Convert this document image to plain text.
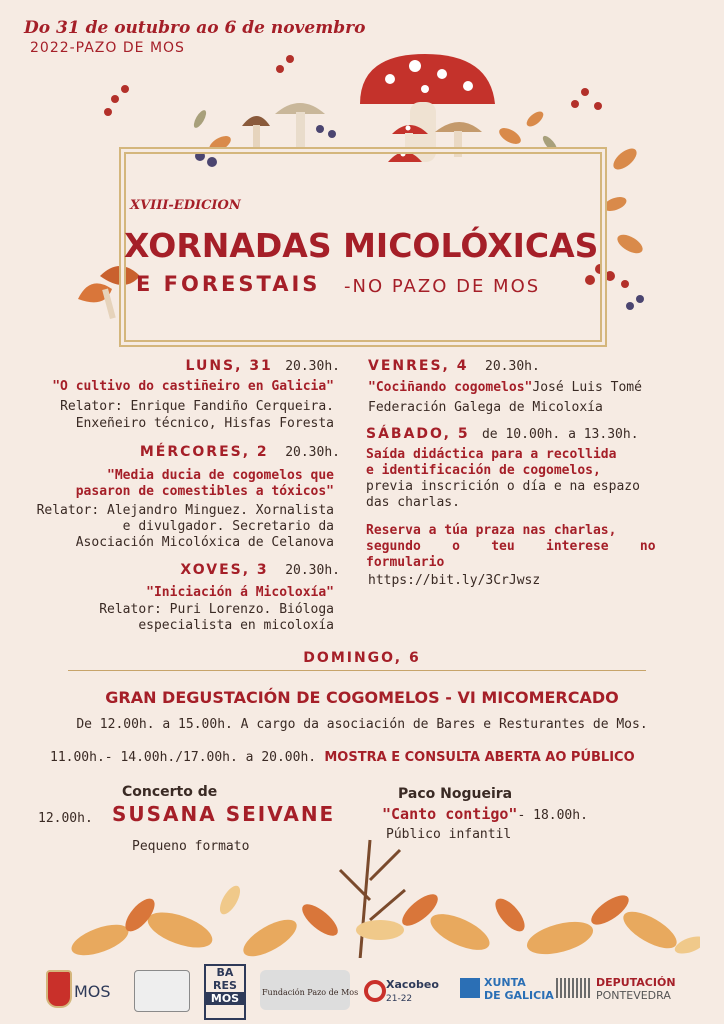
Do 31 de outubro ao 6 de novembro
2022-PAZO DE MOS
XVIII-EDICION
XORNADAS MICOLÓXICAS
E FORESTAIS -NO PAZO DE MOS
LUNS, 31 20.30h.
"O cultivo do castiñeiro en Galicia"
Relator: Enrique Fandiño Cerqueira.
Enxeñeiro técnico, Hisfas Foresta
MÉRCORES, 2 20.30h.
"Media ducia de cogomelos que
pasaron de comestibles a tóxicos"
Relator: Alejandro Minguez. Xornalista
e divulgador. Secretario da
Asociación Micolóxica de Celanova
XOVES, 3 20.30h.
"Iniciación á Micoloxía"
Relator: Puri Lorenzo. Bióloga
especialista en micoloxía
VENRES, 4 20.30h.
"Cociñando cogomelos"José Luis Tomé
Federación Galega de Micoloxía
SÁBADO, 5 de 10.00h. a 13.30h.
Saída didáctica para a recollida
e identificación de cogomelos,
previa inscrición o día e na espazo
das charlas.
Reserva a túa praza nas charlas,
segundo    o    teu    interese    no
formulario
https://bit.ly/3CrJwsz
DOMINGO, 6
GRAN DEGUSTACIÓN DE COGOMELOS - VI MICOMERCADO
De 12.00h. a 15.00h. A cargo da asociación de Bares e Resturantes de Mos.
11.00h.- 14.00h./17.00h. a 20.00h. MOSTRA E CONSULTA ABERTA AO PÚBLICO
Concerto de
12.00h. SUSANA SEIVANE
Pequeno formato
Paco Nogueira
"Canto contigo"- 18.00h.
Público infantil
MOS
BA
RES
MOS	Fundación Pazo de Mos
Xacobeo
21-22
XUNTA
DE GALICIA
DEPUTACIÓN
PONTEVEDRA
